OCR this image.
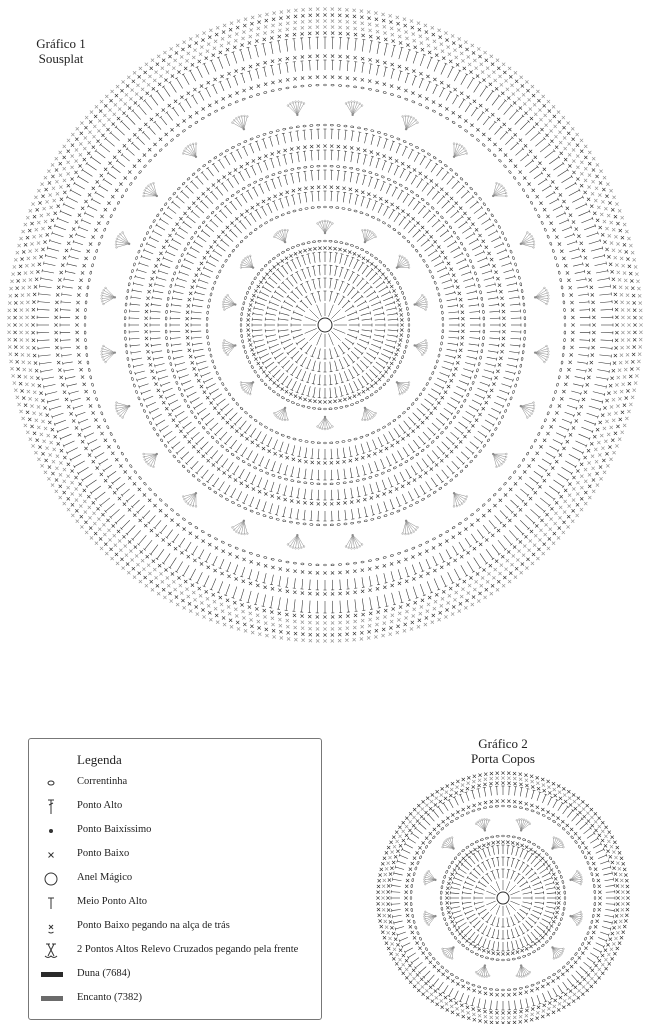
Gráfico 1
Sousplat
Gráfico 2
Porta Copos
Legenda
Correntinha
Ponto Alto
Ponto Baixíssimo
Ponto Baixo
Anel Mágico
Meio Ponto Alto
Ponto Baixo pegando na alça de trás
2 Pontos Altos Relevo Cruzados pegando pela frente
Duna (7684)
Encanto (7382)
